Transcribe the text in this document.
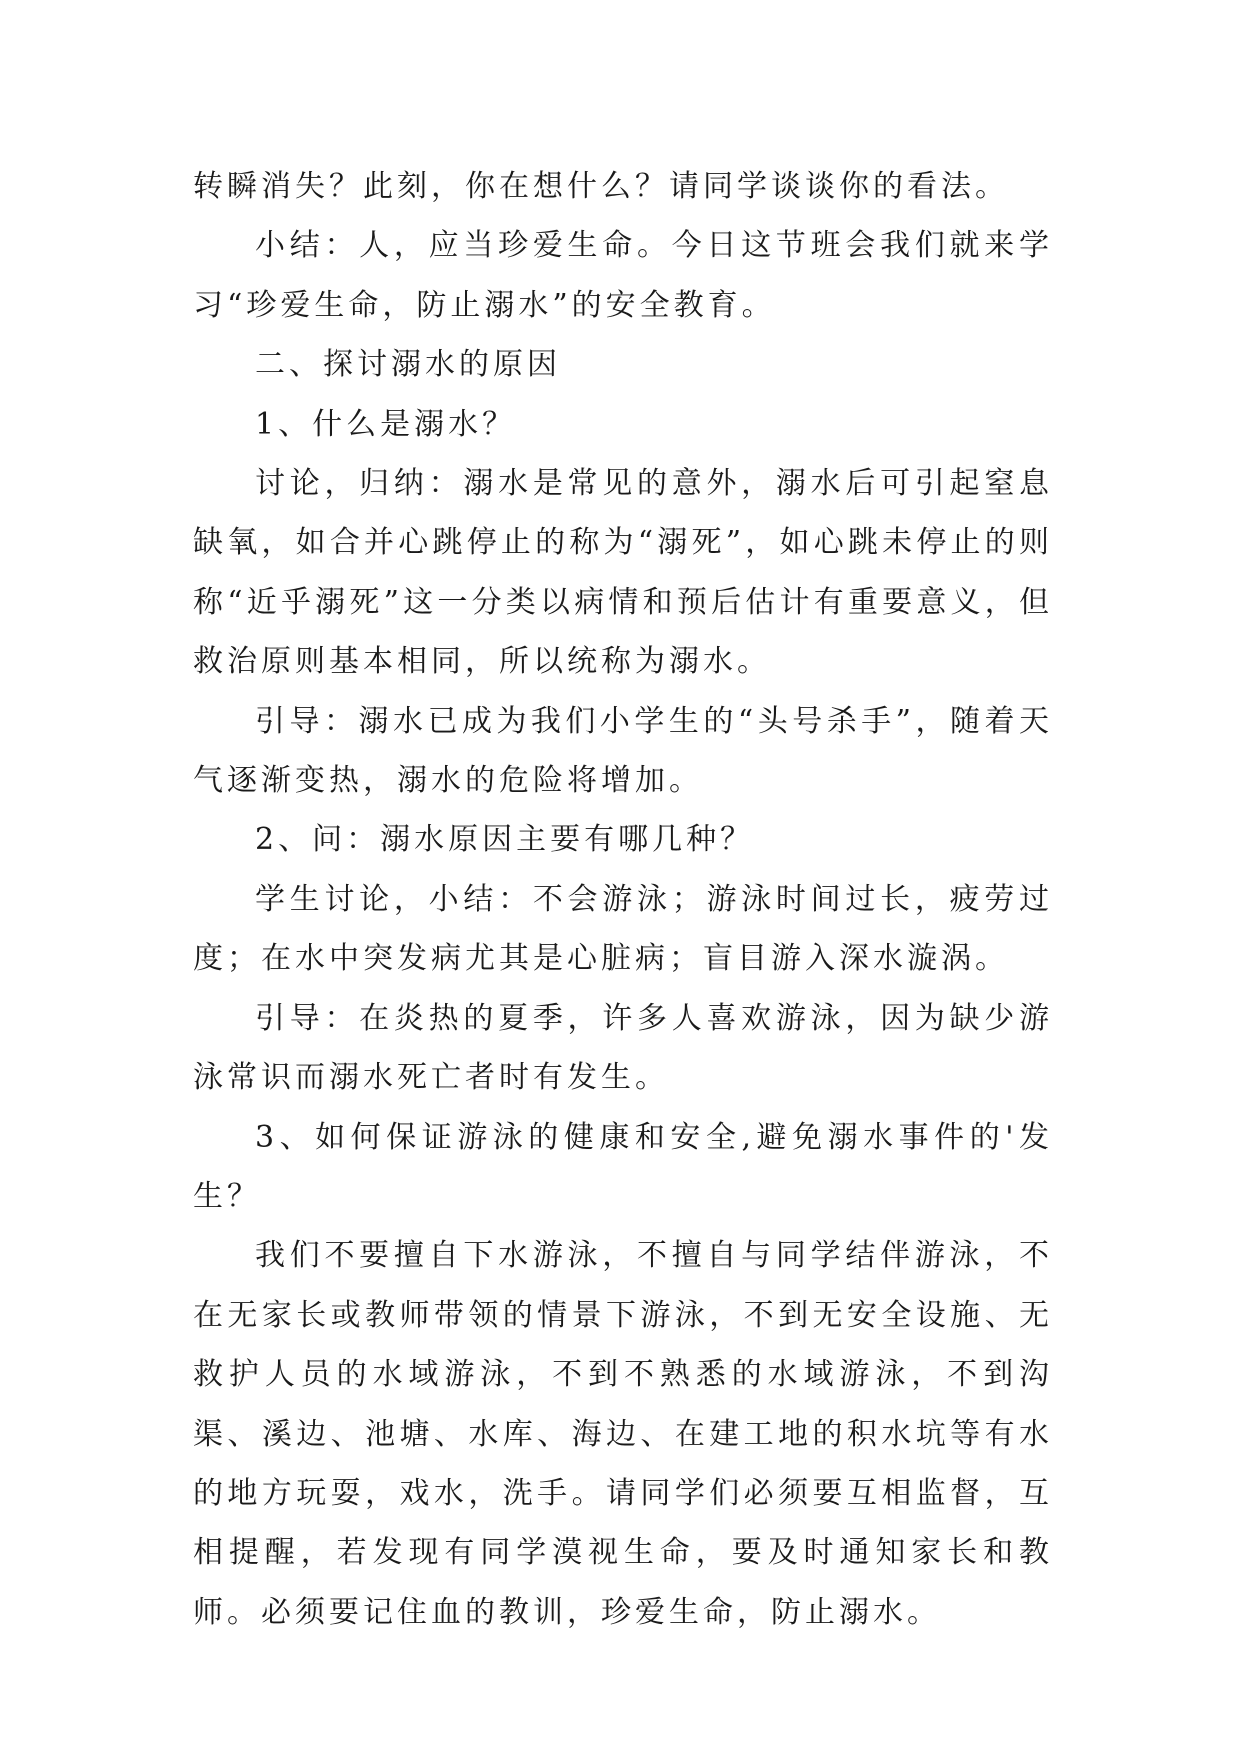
转瞬消失？此刻，你在想什么？请同学谈谈你的看法。

小结：人，应当珍爱生命。今日这节班会我们就来学习“珍爱生命，防止溺水”的安全教育。

二、探讨溺水的原因

1、什么是溺水？

讨论，归纳：溺水是常见的意外，溺水后可引起窒息缺氧，如合并心跳停止的称为“溺死”，如心跳未停止的则称“近乎溺死”这一分类以病情和预后估计有重要意义，但救治原则基本相同，所以统称为溺水。

引导：溺水已成为我们小学生的“头号杀手”，随着天气逐渐变热，溺水的危险将增加。

2、问：溺水原因主要有哪几种？

学生讨论，小结：不会游泳；游泳时间过长，疲劳过度；在水中突发病尤其是心脏病；盲目游入深水漩涡。

引导：在炎热的夏季，许多人喜欢游泳，因为缺少游泳常识而溺水死亡者时有发生。

3、如何保证游泳的健康和安全,避免溺水事件的'发生？

我们不要擅自下水游泳，不擅自与同学结伴游泳，不在无家长或教师带领的情景下游泳，不到无安全设施、无救护人员的水域游泳，不到不熟悉的水域游泳，不到沟渠、溪边、池塘、水库、海边、在建工地的积水坑等有水的地方玩耍，戏水，洗手。请同学们必须要互相监督，互相提醒，若发现有同学漠视生命，要及时通知家长和教师。必须要记住血的教训，珍爱生命，防止溺水。
